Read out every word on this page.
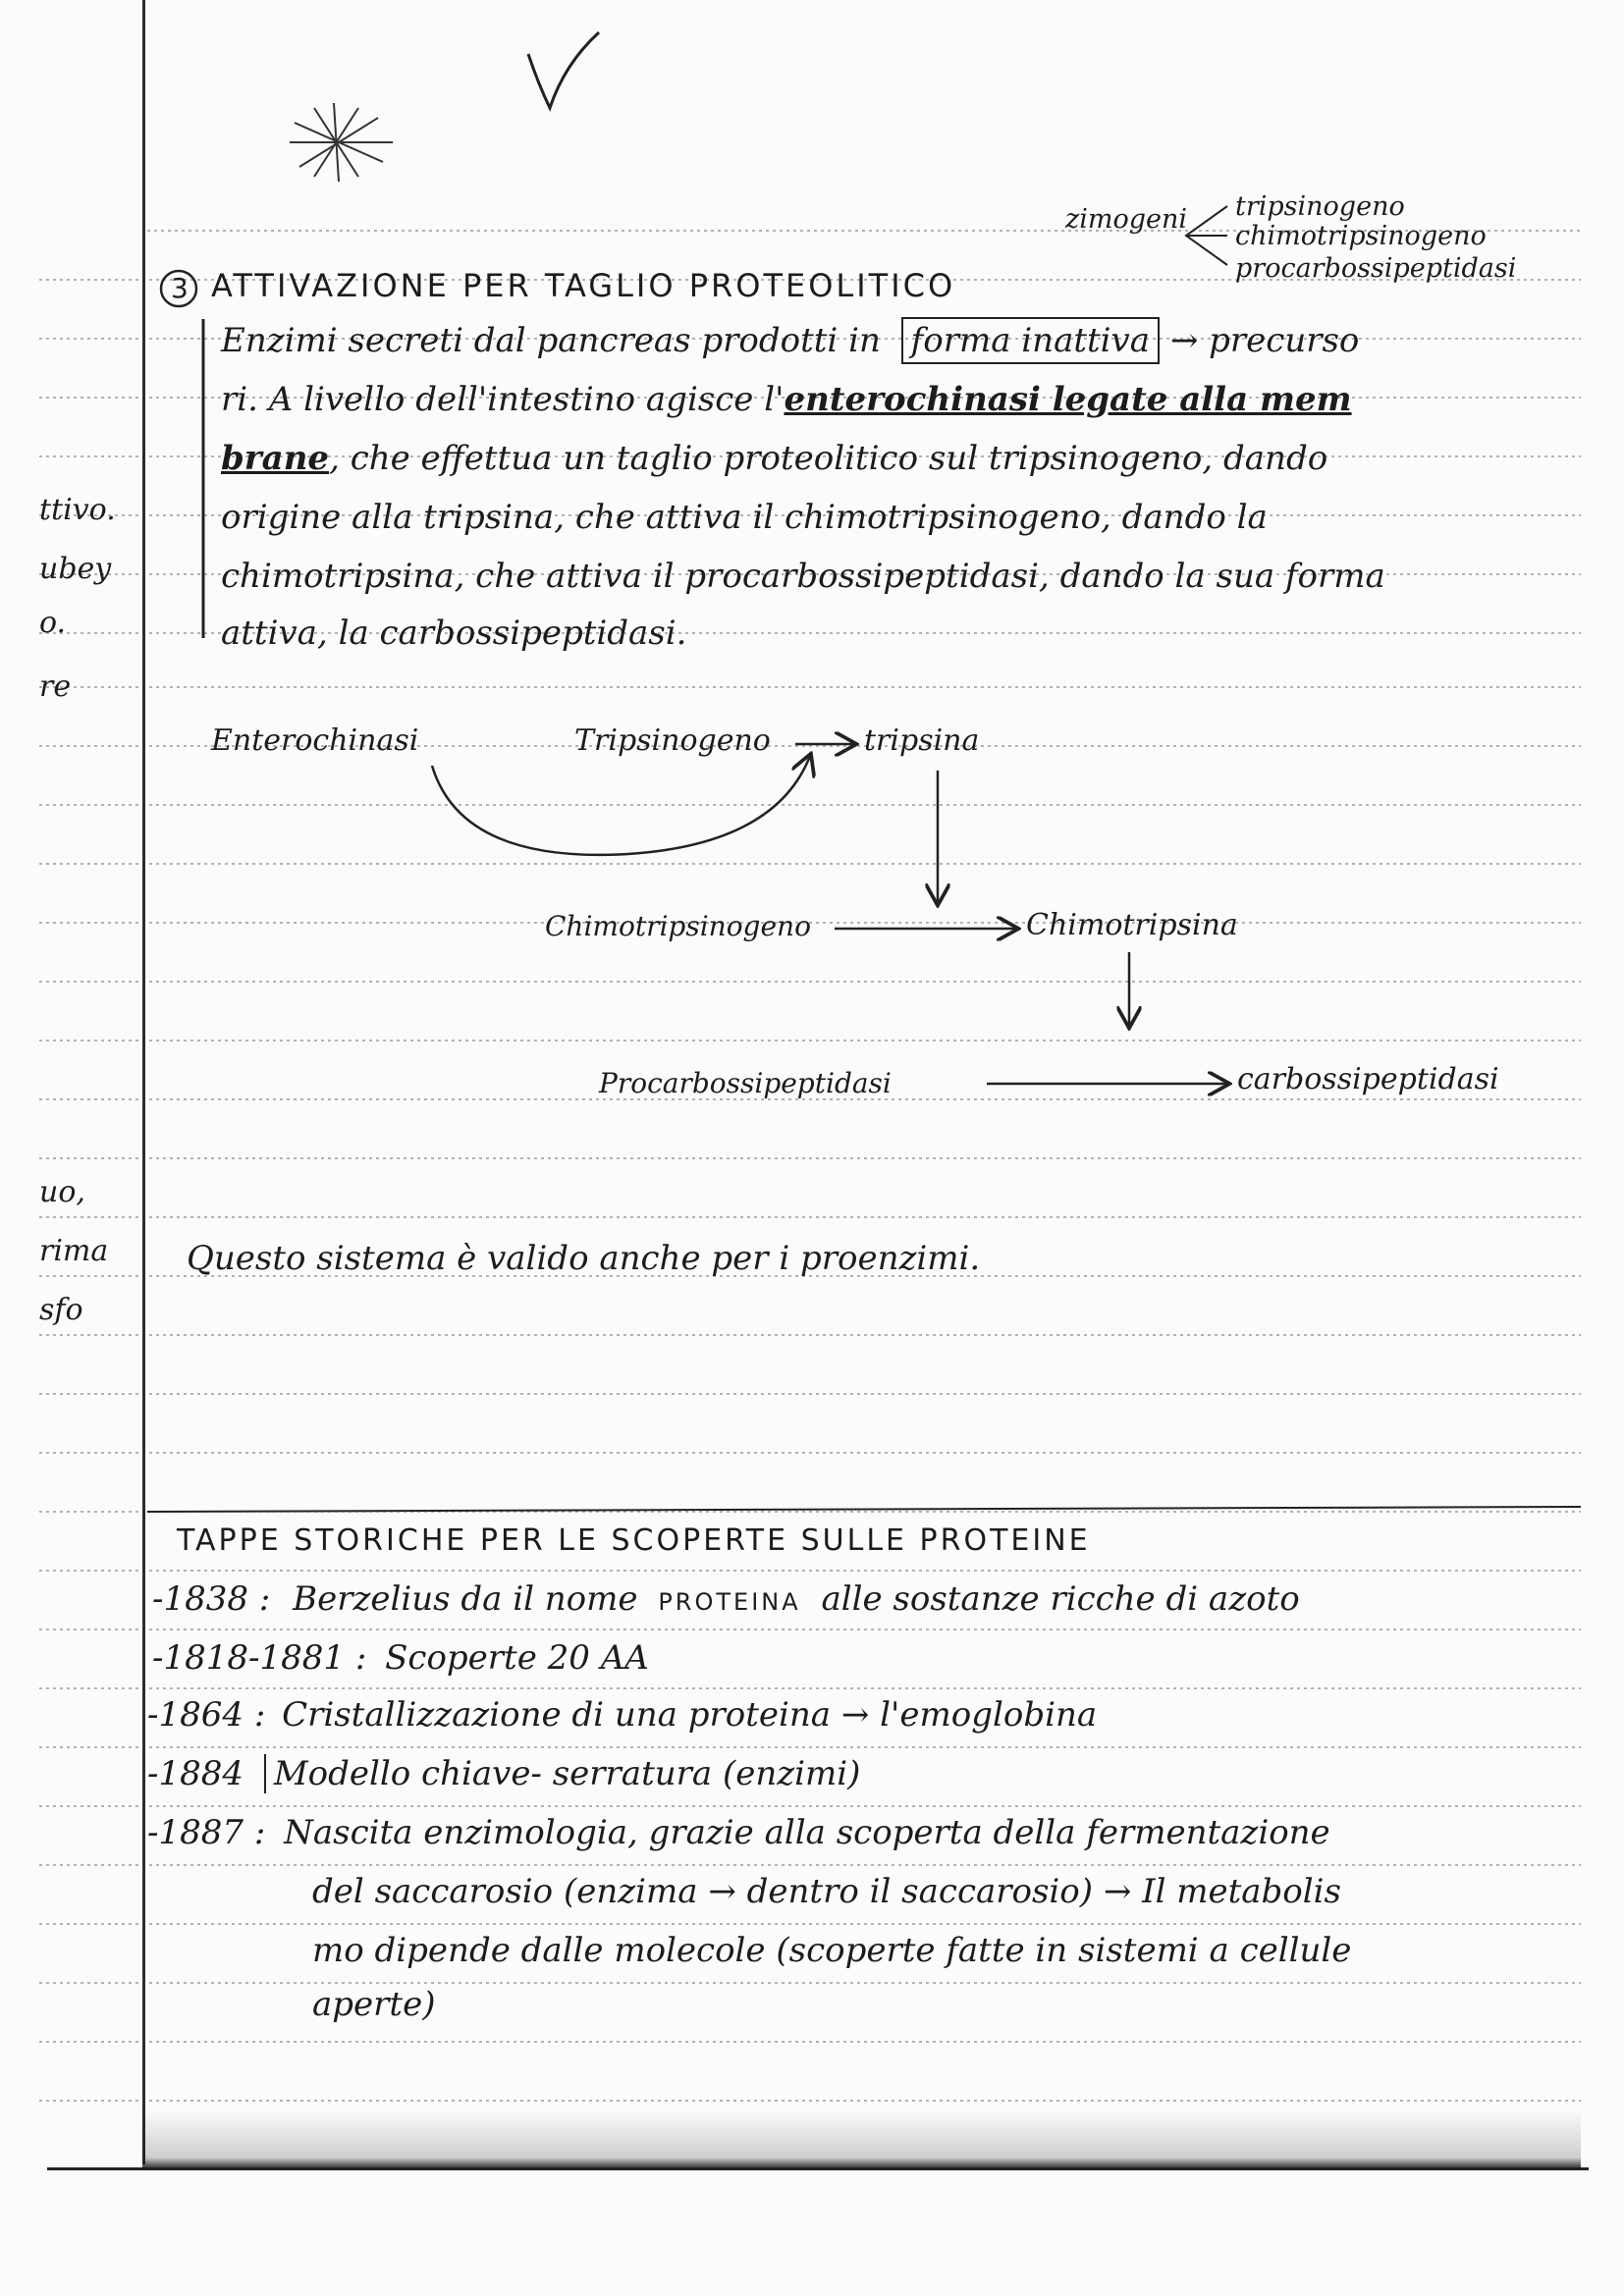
ttivo.
ubey
o.
re
uo,
rima
sfo
zimogeni tripsinogeno
chimotripsinogeno
procarbossipeptidasi
3 ATTIVAZIONE PER TAGLIO PROTEOLITICO
Enzimi secreti dal pancreas prodotti in forma inattiva → precurso
ri. A livello dell'intestino agisce l'enterochinasi legate alla mem
brane, che effettua un taglio proteolitico sul tripsinogeno, dando
origine alla tripsina, che attiva il chimotripsinogeno, dando la
chimotripsina, che attiva il procarbossipeptidasi, dando la sua forma
attiva, la carbossipeptidasi.
Enterochinasi	Tripsinogeno	tripsina
Chimotripsinogeno	Chimotripsina
Procarbossipeptidasi	carbossipeptidasi
Questo sistema è valido anche per i proenzimi.
TAPPE STORICHE PER LE SCOPERTE SULLE PROTEINE
-1838 : Berzelius da il nome PROTEINA alle sostanze ricche di azoto
-1818-1881 : Scoperte 20 AA
-1864 : Cristallizzazione di una proteina → l'emoglobina
-1884 Modello chiave- serratura (enzimi)
-1887 : Nascita enzimologia, grazie alla scoperta della fermentazione
del saccarosio (enzima → dentro il saccarosio) → Il metabolis
mo dipende dalle molecole (scoperte fatte in sistemi a cellule
aperte)
